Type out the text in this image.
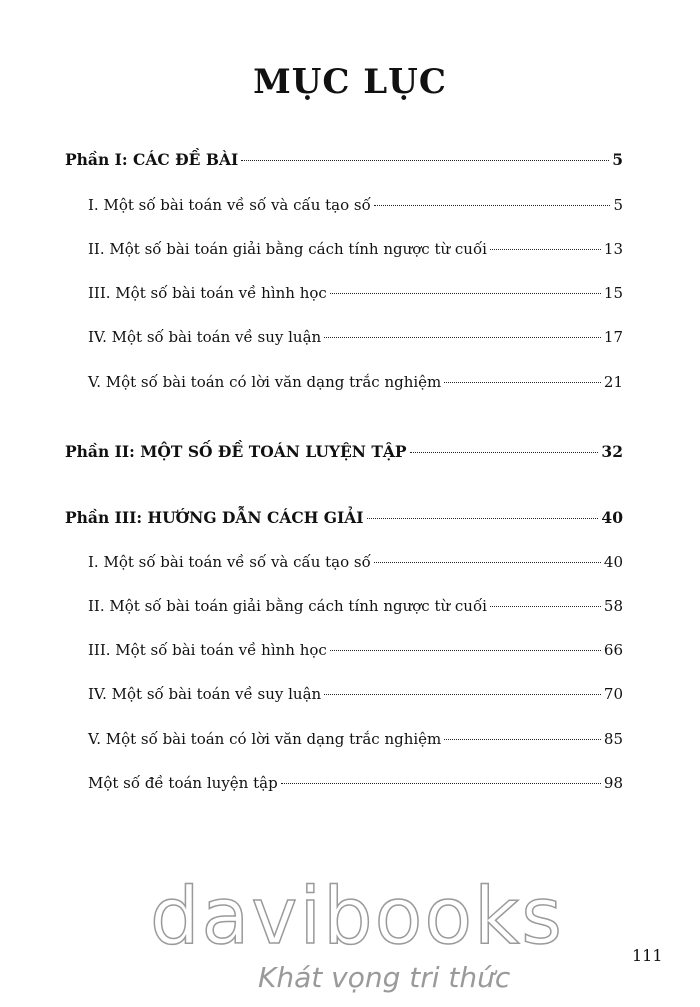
MỤC LỤC
Phần I: CÁC ĐỀ BÀI	5
I. Một số bài toán về số và cấu tạo số	5
II. Một số bài toán giải bằng cách tính ngược từ cuối	13
III. Một số bài toán về hình học	15
IV. Một số bài toán về suy luận	17
V. Một số bài toán có lời văn dạng trắc nghiệm	21
Phần II: MỘT SỐ ĐỀ TOÁN LUYỆN TẬP	32
Phần III: HƯỚNG DẪN CÁCH GIẢI	40
I. Một số bài toán về số và cấu tạo số	40
II. Một số bài toán giải bằng cách tính ngược từ cuối	58
III. Một số bài toán về hình học	66
IV. Một số bài toán về suy luận	70
V. Một số bài toán có lời văn dạng trắc nghiệm	85
Một số đề toán luyện tập	98
davibooks
Khát vọng tri thức
111
